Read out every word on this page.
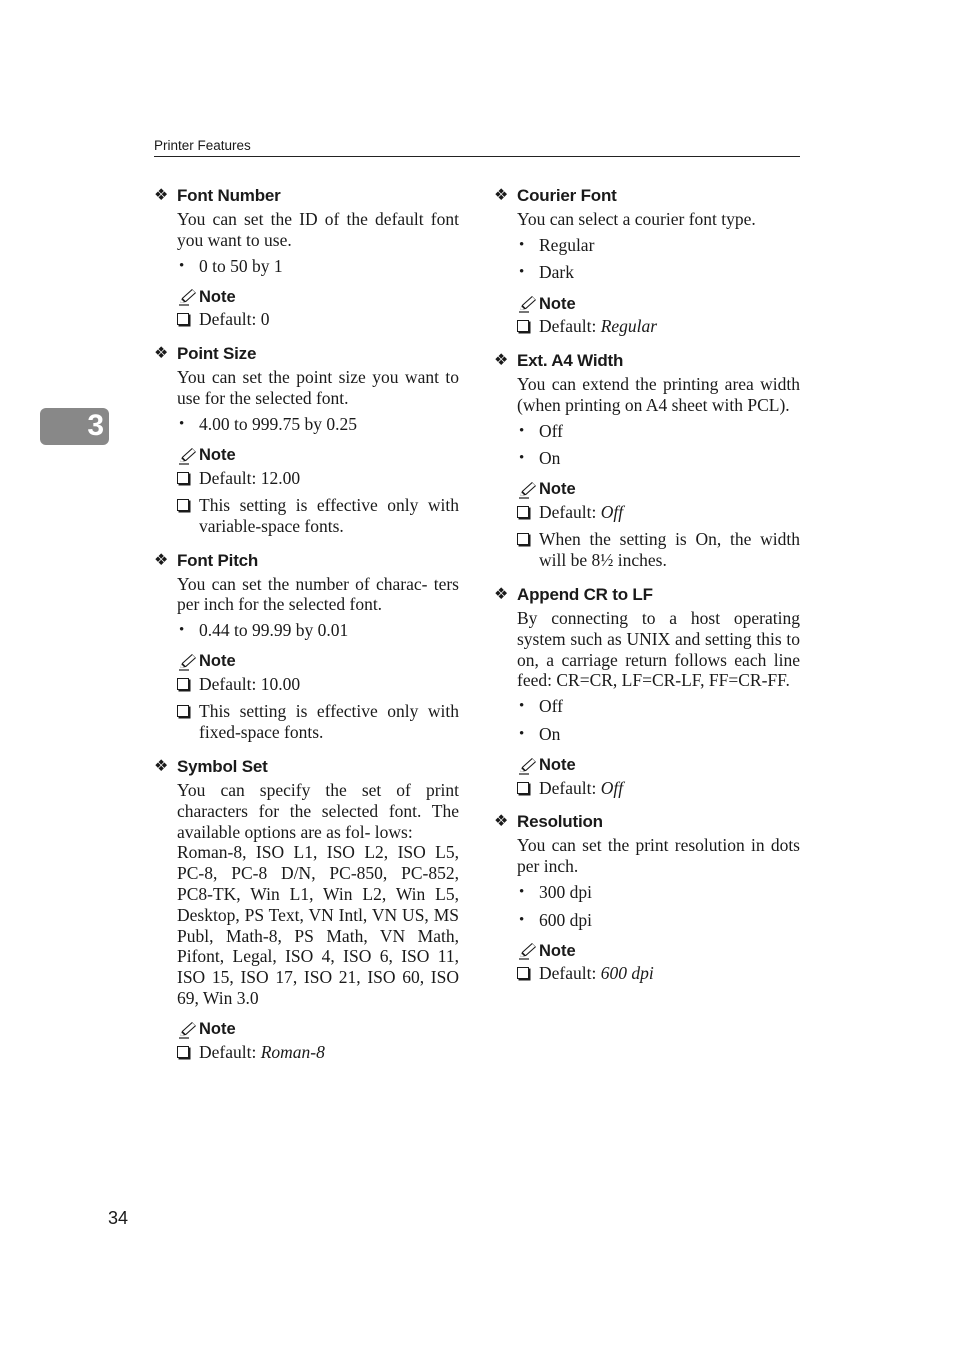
Printer Features
3
❖ Font Number

You can set the ID of the default font you want to use.

• 0 to 50 by 1
Note
Default: 0
❖ Point Size

You can set the point size you want to use for the selected font.

• 4.00 to 999.75 by 0.25
Note
Default: 12.00
This setting is effective only with variable-space fonts.
❖ Font Pitch

You can set the number of charac- ters per inch for the selected font.

• 0.44 to 99.99 by 0.01
Note
Default: 10.00
This setting is effective only with fixed-space fonts.
❖ Symbol Set

You can specify the set of print characters for the selected font. The available options are as fol- lows:

Roman-8, ISO L1, ISO L2, ISO L5, PC-8, PC-8 D/N, PC-850, PC-852, PC8-TK, Win L1, Win L2, Win L5, Desktop, PS Text, VN Intl, VN US, MS Publ, Math-8, PS Math, VN Math, Pifont, Legal, ISO 4, ISO 6, ISO 11, ISO 15, ISO 17, ISO 21, ISO 60, ISO 69, Win 3.0

Note
Default: Roman-8
❖ Courier Font

You can select a courier font type.

• Regular
• Dark
Note
Default: Regular
❖ Ext. A4 Width

You can extend the printing area width (when printing on A4 sheet with PCL).

• Off
• On
Note
Default: Off
When the setting is On, the width will be 8½ inches.
❖ Append CR to LF

By connecting to a host operating system such as UNIX and setting this to on, a carriage return follows each line feed: CR=CR, LF=CR-LF, FF=CR-FF.

• Off
• On
Note
Default: Off
❖ Resolution

You can set the print resolution in dots per inch.

• 300 dpi
• 600 dpi
Note
Default: 600 dpi
34
